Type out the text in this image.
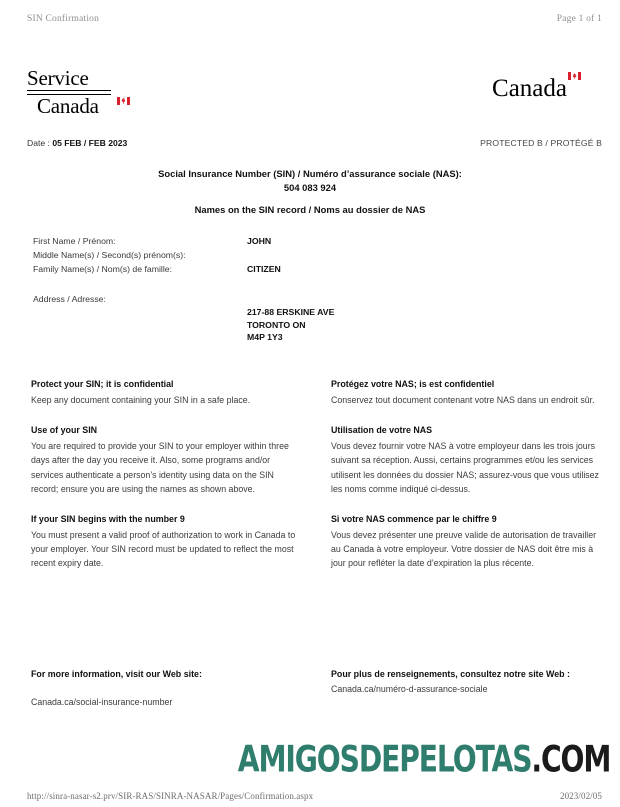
SIN Confirmation	Page 1 of 1
Service
Canada
Canada
Date : 05 FEB / FEB 2023	PROTECTED B / PROTÉGÉ B
Social Insurance Number (SIN) / Numéro d’assurance sociale (NAS):
504 083 924
Names on the SIN record / Noms au dossier de NAS
First Name / Prénom:	JOHN
Middle Name(s) / Second(s) prénom(s):
Family Name(s) / Nom(s) de famille:	CITIZEN
Address / Adresse:
217-88 ERSKINE AVE
TORONTO ON
M4P 1Y3
Protect your SIN; it is confidential

Keep any document containing your SIN in a safe place.

Use of your SIN

You are required to provide your SIN to your employer within three days after the day you receive it. Also, some programs and/or services authenticate a person’s identity using data on the SIN record; ensure you are using the names as shown above.

If your SIN begins with the number 9

You must present a valid proof of authorization to work in Canada to your employer. Your SIN record must be updated to reflect the most recent expiry date.

Protégez votre NAS; is est confidentiel

Conservez tout document contenant votre NAS dans un endroit sûr.

Utilisation de votre NAS

Vous devez fournir votre NAS à votre employeur dans les trois jours suivant sa réception. Aussi, certains programmes et/ou les services utilisent les données du dossier NAS; assurez-vous que vous utilisez les noms comme indiqué ci-dessus.

Si votre NAS commence par le chiffre 9

Vous devez présenter une preuve valide de autorisation de travailler au Canada à votre employeur. Votre dossier de NAS doit être mis à jour pour refléter la date d’expiration la plus récente.

For more information, visit our Web site:

Canada.ca/social-insurance-number

Pour plus de renseignements, consultez notre site Web :

Canada.ca/numéro-d-assurance-sociale

AMIGOSDEPELOTAS.COM
http://sinra-nasar-s2.prv/SIR-RAS/SINRA-NASAR/Pages/Confirmation.aspx	2023/02/05
